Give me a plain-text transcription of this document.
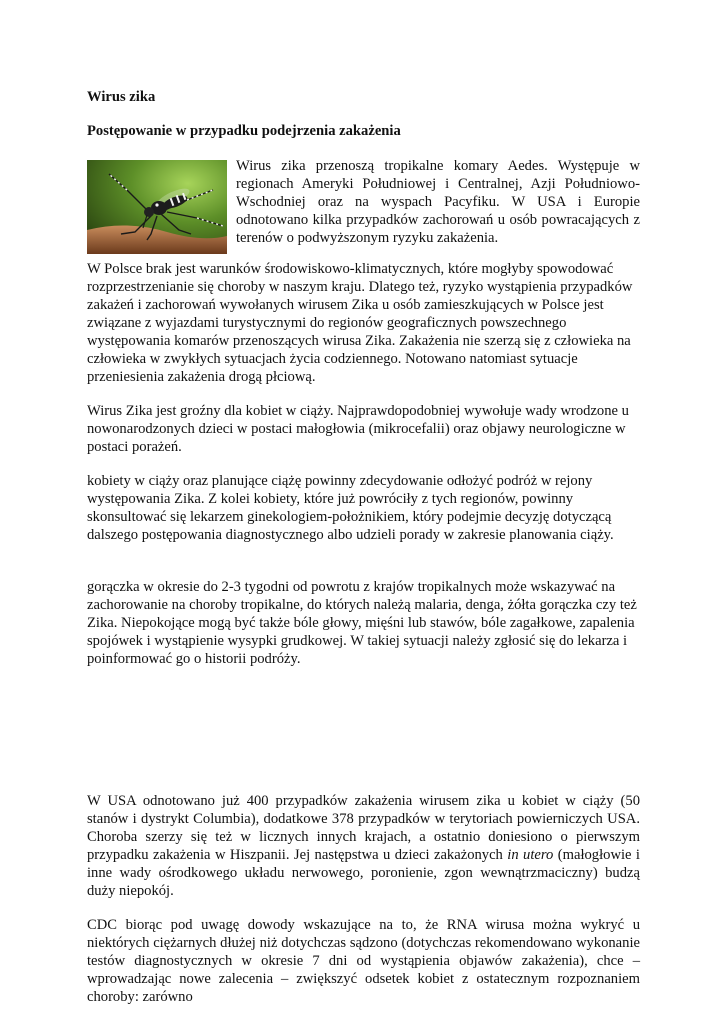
Wirus zika

Postępowanie w przypadku podejrzenia zakażenia

Wirus zika przenoszą tropikalne komary Aedes. Występuje w regionach Ameryki Południowej i Centralnej, Azji Południowo-Wschodniej oraz na wyspach Pacyfiku. W USA i Europie odnotowano kilka przypadków zachorowań u osób powracających z terenów o podwyższonym ryzyku zakażenia.

W Polsce brak jest warunków środowiskowo-klimatycznych, które mogłyby spowodować rozprzestrzenianie się choroby w naszym kraju. Dlatego też, ryzyko wystąpienia przypadków zakażeń i zachorowań wywołanych wirusem Zika u osób zamieszkujących w Polsce jest związane z wyjazdami turystycznymi do regionów geograficznych powszechnego występowania komarów przenoszących wirusa Zika. Zakażenia nie szerzą się z człowieka na człowieka w zwykłych sytuacjach życia codziennego. Notowano natomiast sytuacje przeniesienia zakażenia drogą płciową.

Wirus Zika jest groźny dla kobiet w ciąży. Najprawdopodobniej wywołuje wady wrodzone u nowonarodzonych dzieci w postaci małogłowia (mikrocefalii) oraz objawy neurologiczne w postaci porażeń.

kobiety w ciąży oraz planujące ciążę powinny zdecydowanie odłożyć podróż w rejony występowania Zika. Z kolei kobiety, które już powróciły z tych regionów, powinny skonsultować się lekarzem ginekologiem-położnikiem, który podejmie decyzję dotyczącą dalszego postępowania diagnostycznego albo udzieli porady w zakresie planowania ciąży.

gorączka w okresie do 2-3 tygodni od powrotu z krajów tropikalnych może wskazywać na zachorowanie na choroby tropikalne, do których należą malaria, denga, żółta gorączka czy też Zika. Niepokojące mogą być także bóle głowy, mięśni lub stawów, bóle zagałkowe, zapalenia spojówek i wystąpienie wysypki grudkowej. W takiej sytuacji należy zgłosić się do lekarza i poinformować go o historii podróży.

W USA odnotowano już 400 przypadków zakażenia wirusem zika u kobiet w ciąży (50 stanów i dystrykt Columbia), dodatkowe 378 przypadków w terytoriach powierniczych USA. Choroba szerzy się też w licznych innych krajach, a ostatnio doniesiono o pierwszym przypadku zakażenia w Hiszpanii. Jej następstwa u dzieci zakażonych in utero (małogłowie i inne wady ośrodkowego układu nerwowego, poronienie, zgon wewnątrzmaciczny) budzą duży niepokój.

CDC biorąc pod uwagę dowody wskazujące na to, że RNA wirusa można wykryć u niektórych ciężarnych dłużej niż dotychczas sądzono (dotychczas rekomendowano wykonanie testów diagnostycznych w okresie 7 dni od wystąpienia objawów zakażenia), chce – wprowadzając nowe zalecenia – zwiększyć odsetek kobiet z ostatecznym rozpoznaniem choroby: zarówno
